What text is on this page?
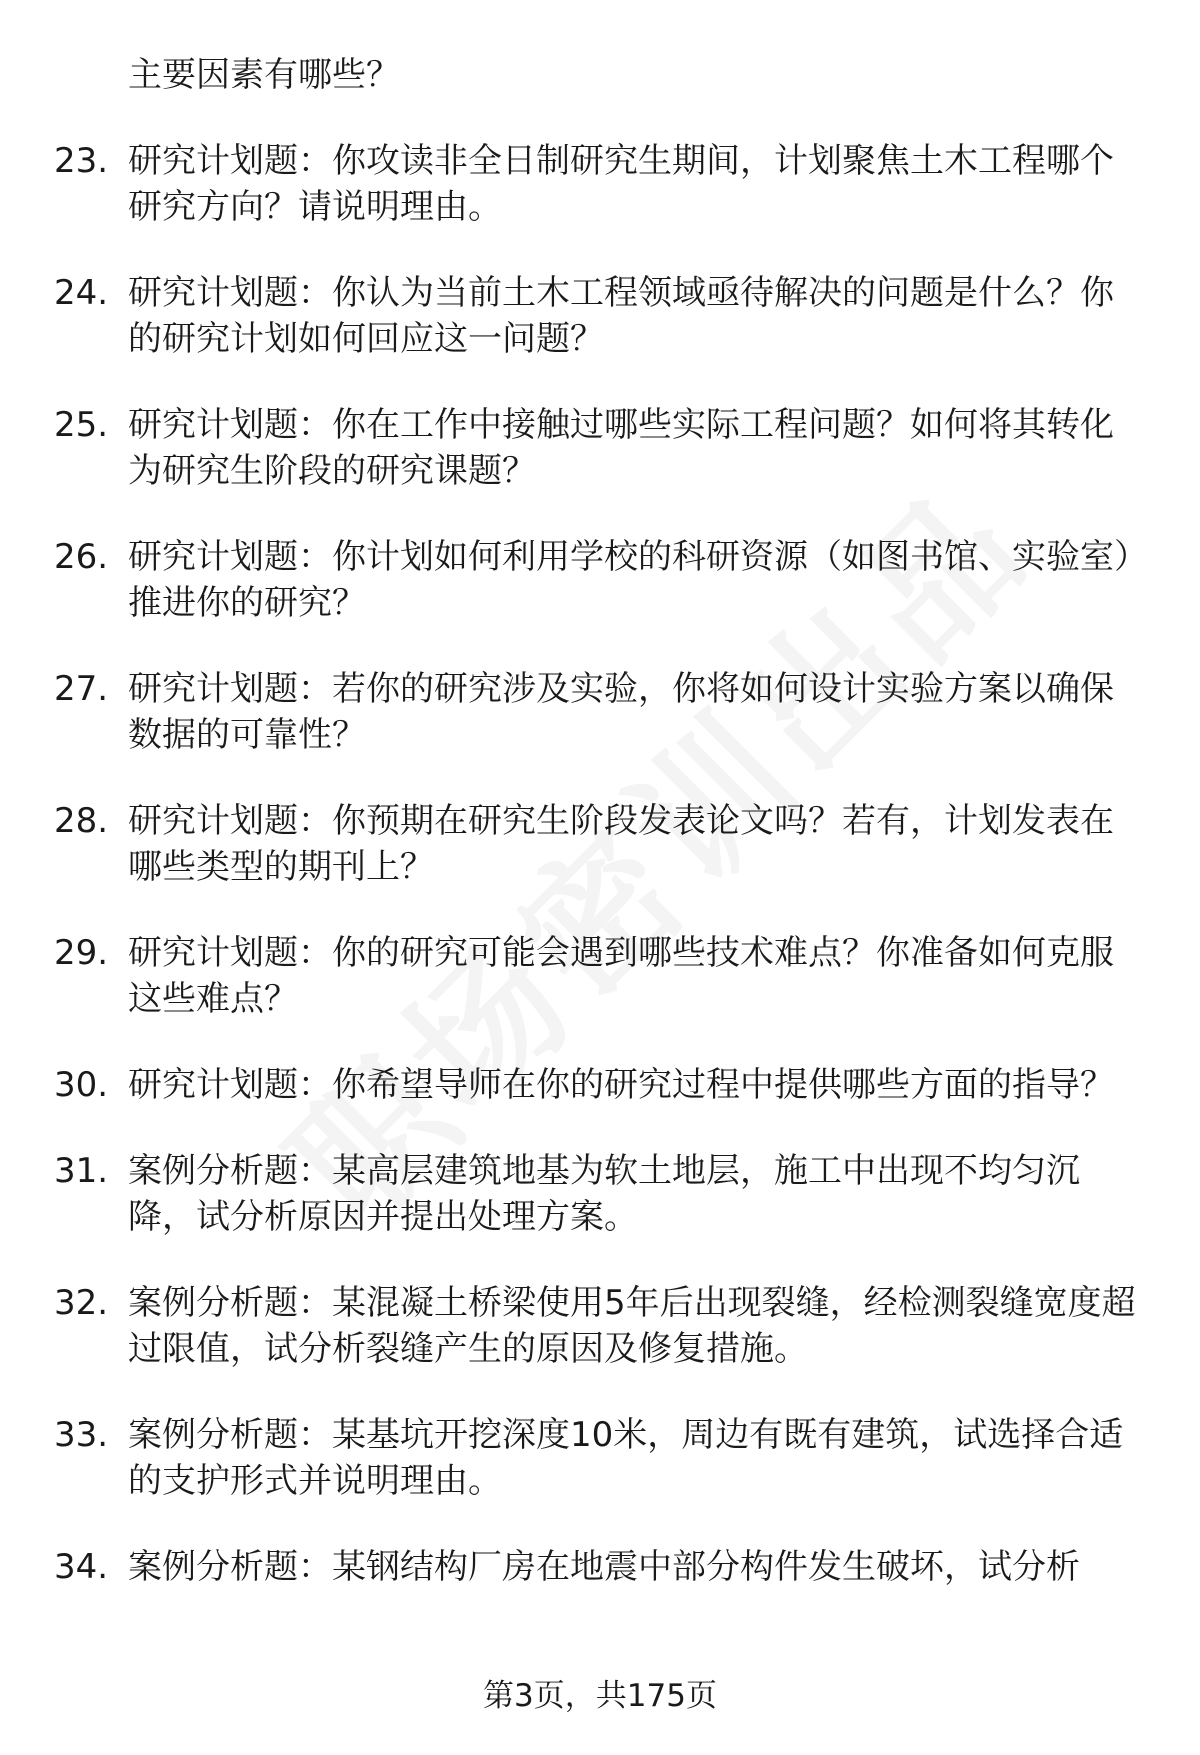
主要因素有哪些？
23. 研究计划题：你攻读非全日制研究生期间，计划聚焦土木工程哪个研究方向？请说明理由。
24. 研究计划题：你认为当前土木工程领域亟待解决的问题是什么？你的研究计划如何回应这一问题？
25. 研究计划题：你在工作中接触过哪些实际工程问题？如何将其转化为研究生阶段的研究课题？
26. 研究计划题：你计划如何利用学校的科研资源（如图书馆、实验室）推进你的研究？
27. 研究计划题：若你的研究涉及实验，你将如何设计实验方案以确保数据的可靠性？
28. 研究计划题：你预期在研究生阶段发表论文吗？若有，计划发表在哪些类型的期刊上？
29. 研究计划题：你的研究可能会遇到哪些技术难点？你准备如何克服这些难点？
30. 研究计划题：你希望导师在你的研究过程中提供哪些方面的指导？
31. 案例分析题：某高层建筑地基为软土地层，施工中出现不均匀沉降，试分析原因并提出处理方案。
32. 案例分析题：某混凝土桥梁使用5年后出现裂缝，经检测裂缝宽度超过限值，试分析裂缝产生的原因及修复措施。
33. 案例分析题：某基坑开挖深度10米，周边有既有建筑，试选择合适的支护形式并说明理由。
34. 案例分析题：某钢结构厂房在地震中部分构件发生破坏，试分析
第3页，共175页
